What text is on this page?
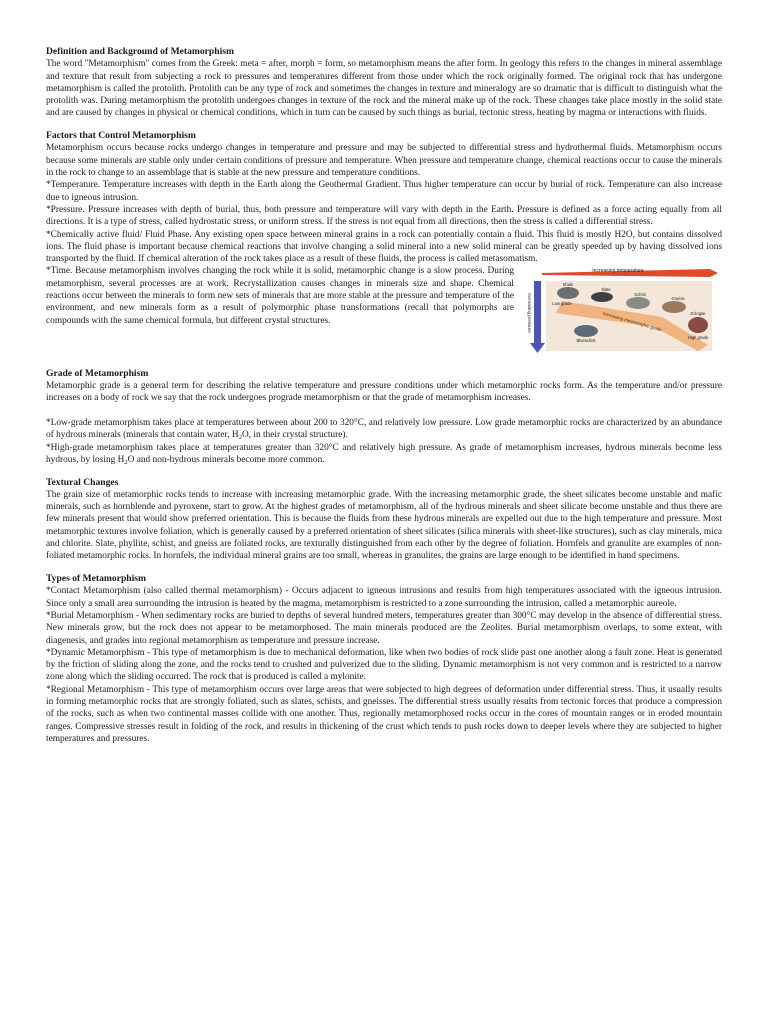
Definition and Background of Metamorphism

The word "Metamorphism" comes from the Greek: meta = after, morph = form, so metamorphism means the after form. In geology this refers to the changes in mineral assemblage and texture that result from subjecting a rock to pressures and temperatures different from those under which the rock originally formed. The original rock that has undergone metamorphism is called the protolith. Protolith can be any type of rock and sometimes the changes in texture and mineralogy are so dramatic that is difficult to distinguish what the protolith was. During metamorphism the protolith undergoes changes in texture of the rock and the mineral make up of the rock. These changes take place mostly in the solid state and are caused by changes in physical or chemical conditions, which in turn can be caused by such things as burial, tectonic stress, heating by magma or interactions with fluids.

Factors that Control Metamorphism

Metamorphism occurs because rocks undergo changes in temperature and pressure and may be subjected to differential stress and hydrothermal fluids. Metamorphism occurs because some minerals are stable only under certain conditions of pressure and temperature. When pressure and temperature change, chemical reactions occur to cause the minerals in the rock to change to an assemblage that is stable at the new pressure and temperature conditions.

*Temperature. Temperature increases with depth in the Earth along the Geothermal Gradient. Thus higher temperature can occur by burial of rock. Temperature can also increase due to igneous intrusion.

*Pressure. Pressure increases with depth of burial, thus, both pressure and temperature will vary with depth in the Earth. Pressure is defined as a force acting equally from all directions. It is a type of stress, called hydrostatic stress, or uniform stress. If the stress is not equal from all directions, then the stress is called a differential stress.

*Chemically active fluid/ Fluid Phase. Any existing open space between mineral grains in a rock can potentially contain a fluid. This fluid is mostly H2O, but contains dissolved ions. The fluid phase is important because chemical reactions that involve changing a solid mineral into a new solid mineral can be greatly speeded up by having dissolved ions transported by the fluid. If chemical alteration of the rock takes place as a result of these fluids, the process is called metasomatism.

Increasing temperature
Increasing pressure	Increasing metamorphic grade
Shale
Slate
Low grade
Schist
Gneiss
Blueschist
Eclogite
High grade

*Time. Because metamorphism involves changing the rock while it is solid, metamorphic change is a slow process. During metamorphism, several processes are at work. Recrystallization causes changes in minerals size and shape. Chemical reactions occur between the minerals to form new sets of minerals that are more stable at the pressure and temperature of the environment, and new minerals form as a result of polymorphic phase transformations (recall that polymorphs are compounds with the same chemical formula, but different crystal structures.

Grade of Metamorphism

Metamorphic grade is a general term for describing the relative temperature and pressure conditions under which metamorphic rocks form. As the temperature and/or pressure increases on a body of rock we say that the rock undergoes prograde metamorphism or that the grade of metamorphism increases.

*Low-grade metamorphism takes place at temperatures between about 200 to 320°C, and relatively low pressure. Low grade metamorphic rocks are characterized by an abundance of hydrous minerals (minerals that contain water, $H_2O$, in their crystal structure).

*High-grade metamorphism takes place at temperatures greater than 320°C and relatively high pressure. As grade of metamorphism increases, hydrous minerals become less hydrous, by losing $H_2O$ and non-hydrous minerals become more common.

Textural Changes

The grain size of metamorphic rocks tends to increase with increasing metamorphic grade. With the increasing metamorphic grade, the sheet silicates become unstable and mafic minerals, such as hornblende and pyroxene, start to grow. At the highest grades of metamorphism, all of the hydrous minerals and sheet silicate become unstable and thus there are few minerals present that would show preferred orientation. This is because the fluids from these hydrous minerals are expelled out due to the high temperature and pressure. Most metamorphic textures involve foliation, which is generally caused by a preferred orientation of sheet silicates (silica minerals with sheet-like structures), such as clay minerals, mica and chlorite. Slate, phyllite, schist, and gneiss are foliated rocks, are texturally distinguished from each other by the degree of foliation. Hornfels and granulite are examples of non-foliated metamorphic rocks. In hornfels, the individual mineral grains are too small, whereas in granulites, the grains are large enough to be identified in hand specimens.

Types of Metamorphism

*Contact Metamorphism (also called thermal metamorphism) - Occurs adjacent to igneous intrusions and results from high temperatures associated with the igneous intrusion. Since only a small area surrounding the intrusion is heated by the magma, metamorphism is restricted to a zone surrounding the intrusion, called a metamorphic aureole.

*Burial Metamorphism - When sedimentary rocks are buried to depths of several hundred meters, temperatures greater than 300°C may develop in the absence of differential stress. New minerals grow, but the rock does not appear to be metamorphosed. The main minerals produced are the Zeolites. Burial metamorphism overlaps, to some extent, with diagenesis, and grades into regional metamorphism as temperature and pressure increase.

*Dynamic Metamorphism - This type of metamorphism is due to mechanical deformation, like when two bodies of rock slide past one another along a fault zone. Heat is generated by the friction of sliding along the zone, and the rocks tend to crushed and pulverized due to the sliding. Dynamic metamorphism is not very common and is restricted to a narrow zone along which the sliding occurred. The rock that is produced is called a mylonite.

*Regional Metamorphism - This type of metamorphism occurs over large areas that were subjected to high degrees of deformation under differential stress. Thus, it usually results in forming metamorphic rocks that are strongly foliated, such as slates, schists, and gneisses. The differential stress usually results from tectonic forces that produce a compression of the rocks, such as when two continental masses collide with one another. Thus, regionally metamorphosed rocks occur in the cores of mountain ranges or in eroded mountain ranges. Compressive stresses result in folding of the rock, and results in thickening of the crust which tends to push rocks down to deeper levels where they are subjected to higher temperatures and pressures.
